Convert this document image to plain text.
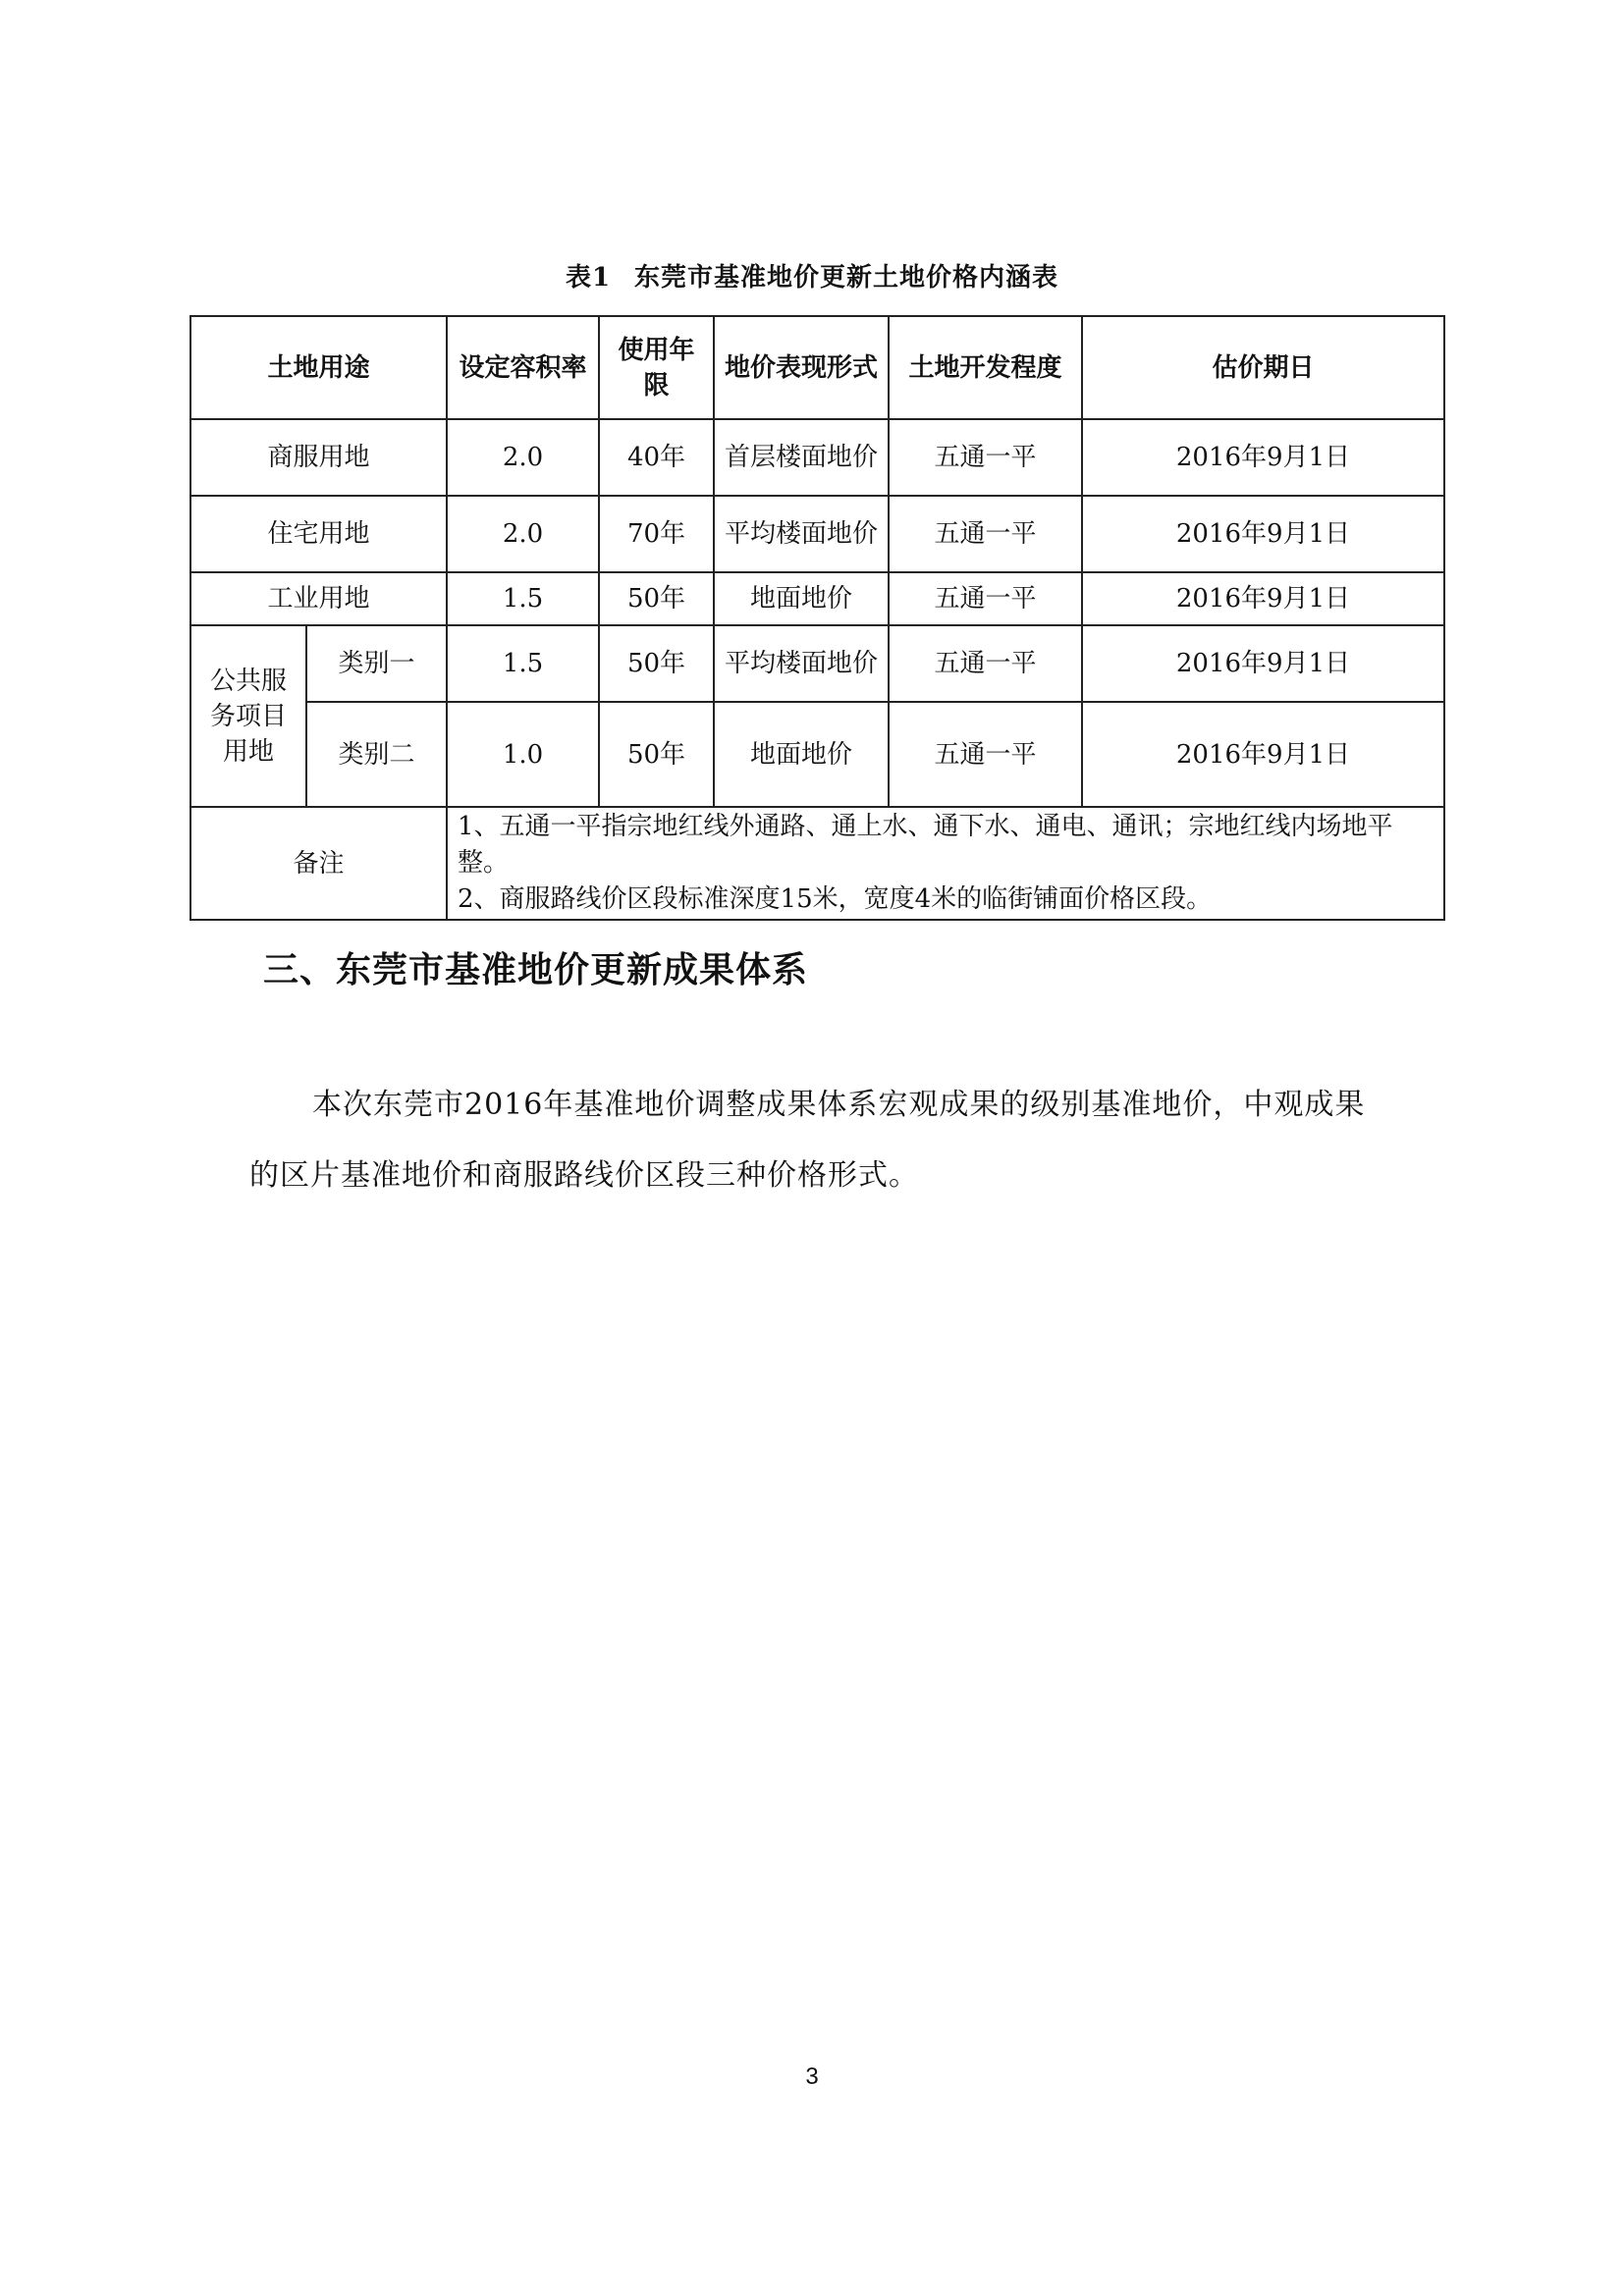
表1 东莞市基准地价更新土地价格内涵表
土地用途		设定容积率	使用年限	地价表现形式	土地开发程度	估价期日
商服用地		2.0	40年	首层楼面地价	五通一平	2016年9月1日
住宅用地		2.0	70年	平均楼面地价	五通一平	2016年9月1日
工业用地		1.5	50年	地面地价	五通一平	2016年9月1日
公共服务项目用地	类别一	1.5	50年	平均楼面地价	五通一平	2016年9月1日
	类别二	1.0	50年	地面地价	五通一平	2016年9月1日
备注		1、五通一平指宗地红线外通路、通上水、通下水、通电、通讯；宗地红线内场地平整。
2、商服路线价区段标准深度15米，宽度4米的临街铺面价格区段。				
三、东莞市基准地价更新成果体系

本次东莞市2016年基准地价调整成果体系宏观成果的级别基准地价，中观成果的区片基准地价和商服路线价区段三种价格形式。

3
